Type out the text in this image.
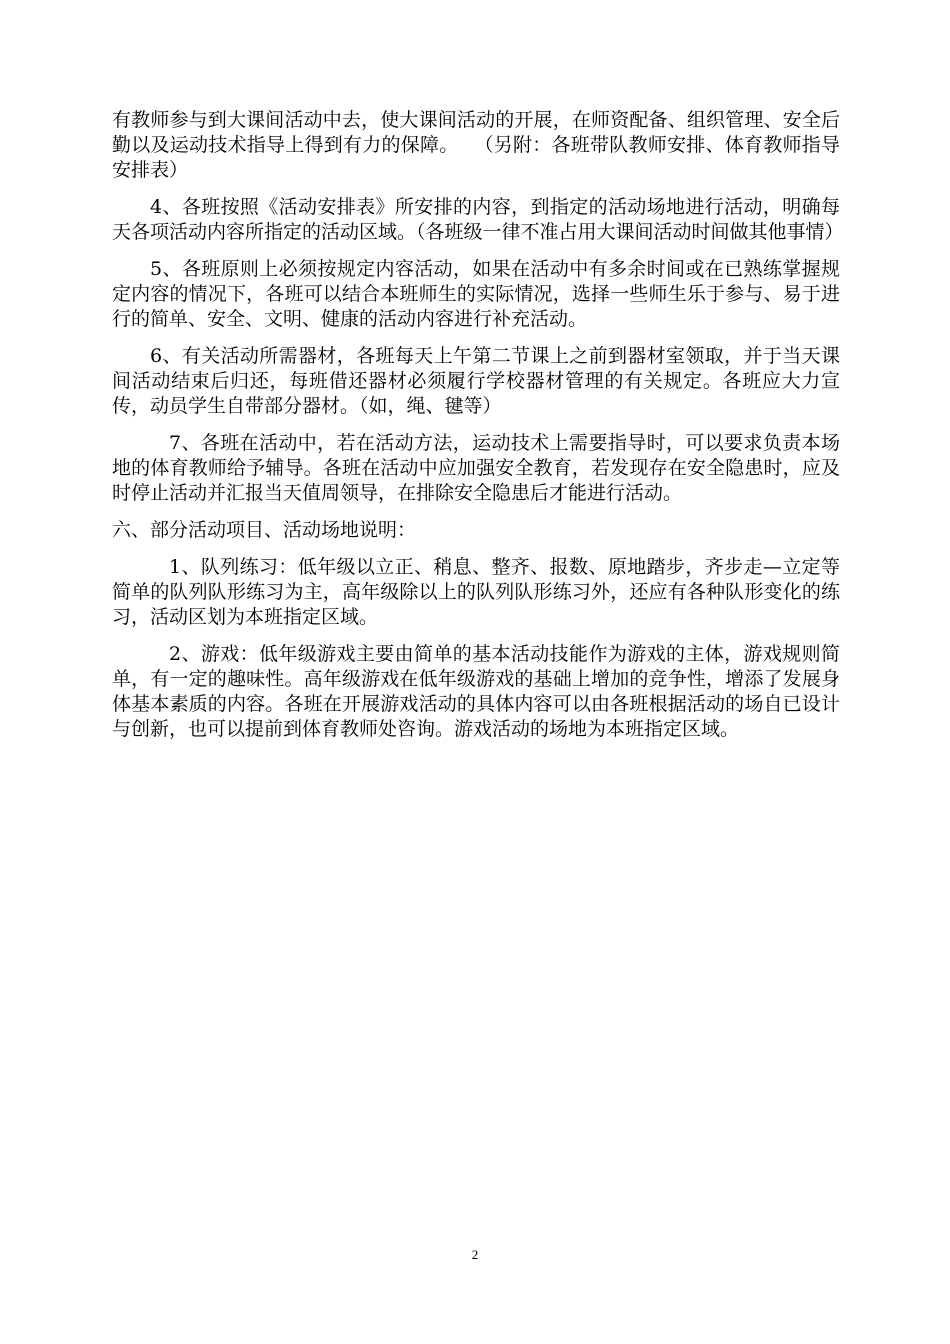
有教师参与到大课间活动中去，使大课间活动的开展，在师资配备、组织管理、安全后勤以及运动技术指导上得到有力的保障。　 （另附：各班带队教师安排、体育教师指导安排表）

4、各班按照《活动安排表》所安排的内容，到指定的活动场地进行活动，明确每天各项活动内容所指定的活动区域。（各班级一律不准占用大课间活动时间做其他事情）

5、各班原则上必须按规定内容活动，如果在活动中有多余时间或在已熟练掌握规定内容的情况下，各班可以结合本班师生的实际情况，选择一些师生乐于参与、易于进行的简单、安全、文明、健康的活动内容进行补充活动。

6、有关活动所需器材，各班每天上午第二节课上之前到器材室领取，并于当天课间活动结束后归还，每班借还器材必须履行学校器材管理的有关规定。各班应大力宣传，动员学生自带部分器材。（如，绳、毽等）

7、各班在活动中，若在活动方法，运动技术上需要指导时，可以要求负责本场地的体育教师给予辅导。各班在活动中应加强安全教育，若发现存在安全隐患时，应及时停止活动并汇报当天值周领导，在排除安全隐患后才能进行活动。

六、部分活动项目、活动场地说明：

1、队列练习：低年级以立正、稍息、整齐、报数、原地踏步，齐步走—立定等简单的队列队形练习为主，高年级除以上的队列队形练习外，还应有各种队形变化的练习，活动区划为本班指定区域。

2、游戏：低年级游戏主要由简单的基本活动技能作为游戏的主体，游戏规则简单，有一定的趣味性。高年级游戏在低年级游戏的基础上增加的竞争性，增添了发展身体基本素质的内容。各班在开展游戏活动的具体内容可以由各班根据活动的场自已设计与创新，也可以提前到体育教师处咨询。游戏活动的场地为本班指定区域。

2
